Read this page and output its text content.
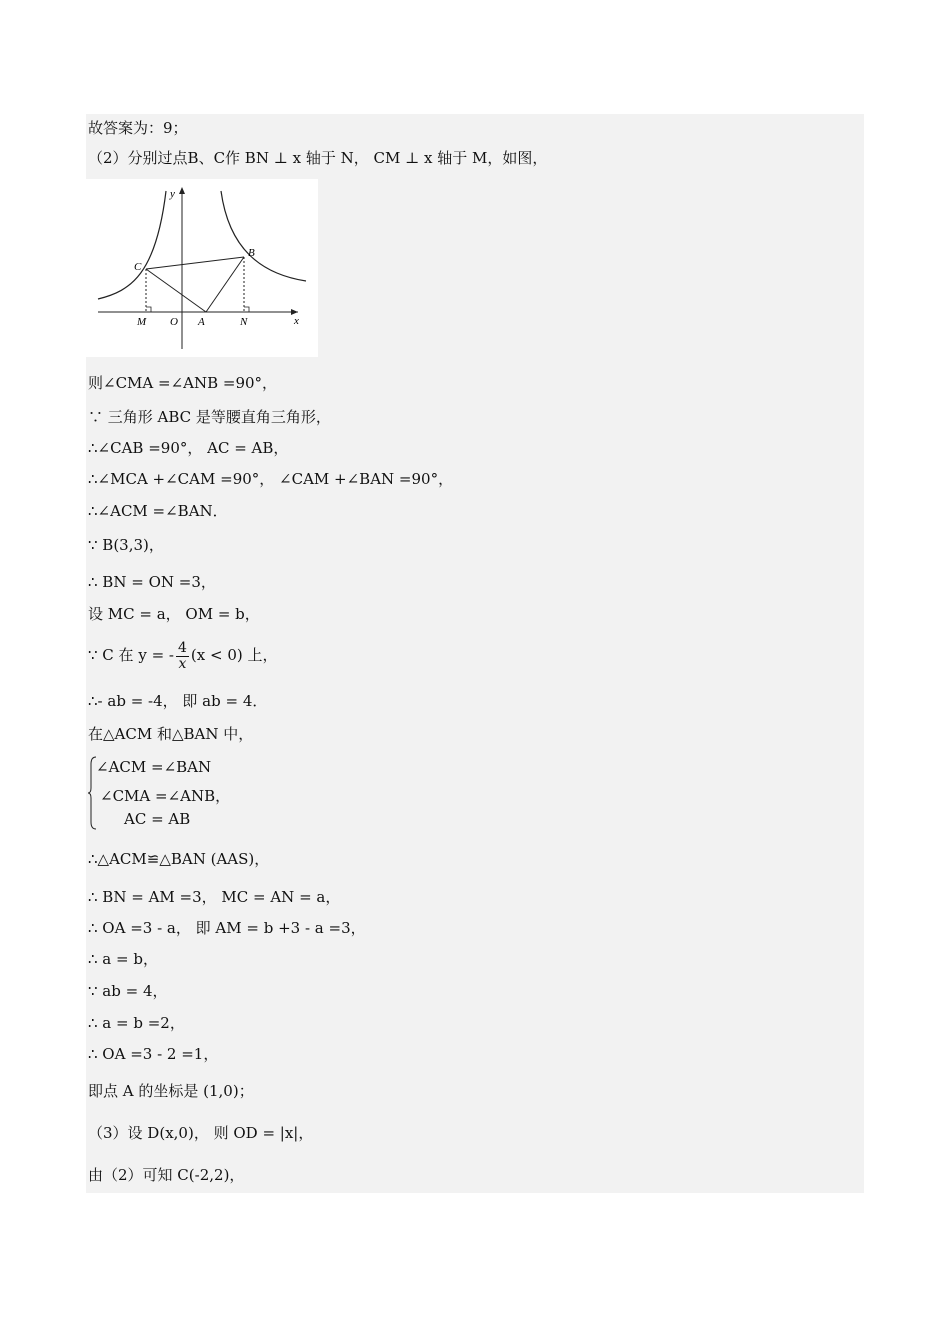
故答案为：9；
（2）分别过点B、C作 BN ⊥ x 轴于 N， CM ⊥ x 轴于 M，如图，
y
x
O A
B
C
M	N
则∠CMA =∠ANB =90°，
∵ 三角形 ABC 是等腰直角三角形，
∴∠CAB =90°， AC = AB，
∴∠MCA +∠CAM =90°， ∠CAM +∠BAN =90°，
∴∠ACM =∠BAN．
∵ B(3,3)，
∴ BN = ON =3，
设 MC = a， OM = b，
∵ C 在 y = - $\frac{4}{x} (x < 0)$ 上，
∴- ab = -4， 即 ab = 4．
在△ACM 和△BAN 中，
∠ACM =∠BAN
∠CMA =∠ANB，
AC = AB
∴△ACM≌△BAN (AAS)，
∴ BN = AM =3， MC = AN = a，
∴ OA =3 - a， 即 AM = b +3 - a =3，
∴ a = b，
∵ ab = 4，
∴ a = b =2，
∴ OA =3 - 2 =1，
即点 A 的坐标是 (1,0)；
（3）设 D(x,0)， 则 OD = |x|，
由（2）可知 C(-2,2)，
